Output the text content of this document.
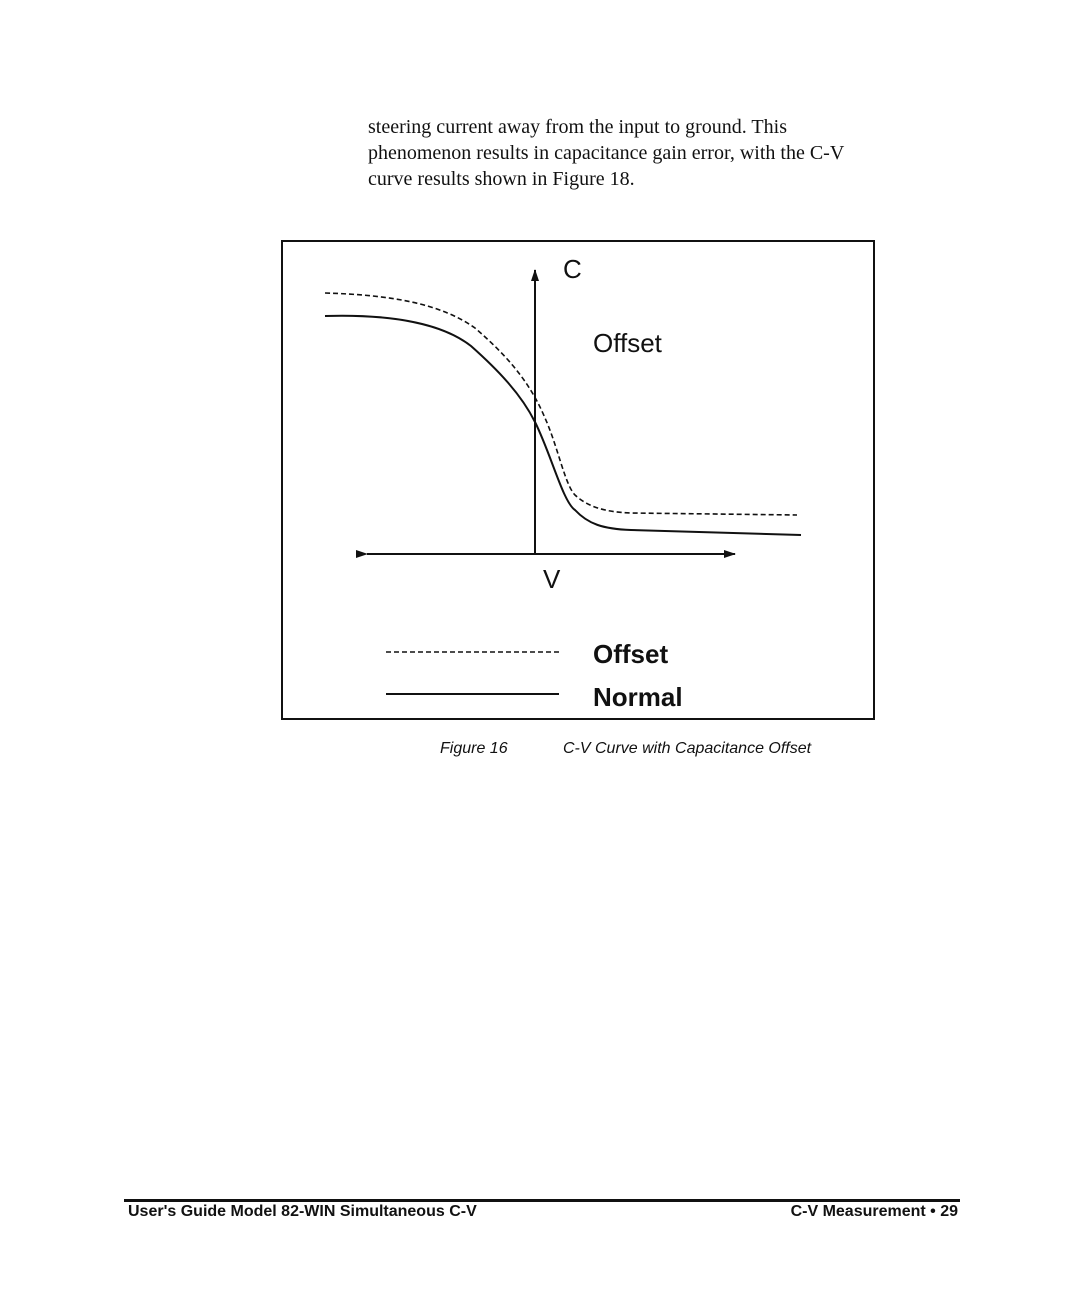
steering current away from the input to ground. This

phenomenon results in capacitance gain error, with the C-V

curve results shown in Figure 18.

C
Offset
V
Offset
Normal
Figure 16	C-V Curve with Capacitance Offset
User's Guide Model 82-WIN Simultaneous C-V	C-V Measurement • 29
